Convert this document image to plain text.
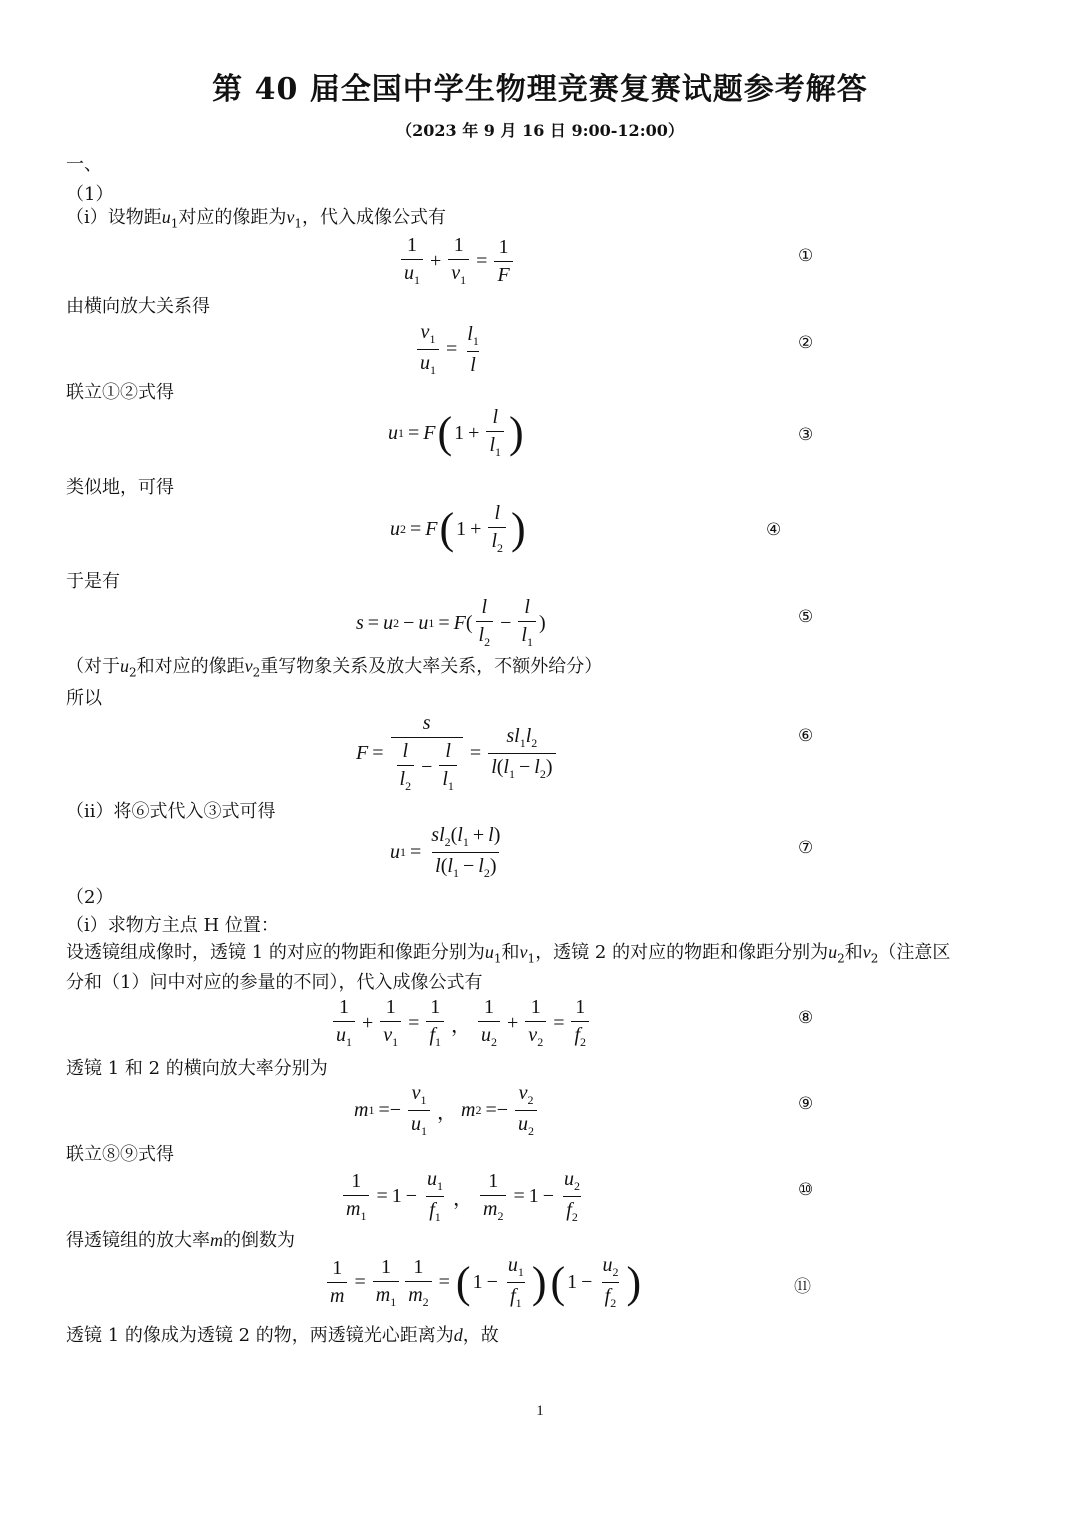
第 40 届全国中学生物理竞赛复赛试题参考解答
（2023 年 9 月 16 日 9:00-12:00）
一、
（1）
（i）设物距$u_1$对应的像距为$v_1$，代入成像公式有
$\frac{1}{u_1} + \frac{1}{v_1} = \frac{1}{F}$	①
由横向放大关系得
$\frac{v_1}{u_1} = \frac{l_1}{l}$	②
联立①②式得
u 1 = F ( $1 + \frac{l}{l_1}$ )	③
类似地，可得
u 2 = F ( $1 + \frac{l}{l_2}$ )	④
于是有
s = u 2 − u 1 = F ( $\frac{l}{l_2} - \frac{l}{l_1}$ )	⑤
（对于$u_2$和对应的像距$v_2$重写物象关系及放大率关系，不额外给分）
所以
$F = \frac{s}{\frac{l}{l_2} - \frac{l}{l_1}} = \frac{sl_1l_2}{l(l_1 - l_2)}$	⑥
（ii）将⑥式代入③式可得
u $1 = \frac{sl_2(l_1 + l)}{l(l_1 - l_2)}$	⑦
（2）
（i）求物方主点 H 位置：
设透镜组成像时，透镜 1 的对应的物距和像距分别为$u_1$和$v_1$，透镜 2 的对应的物距和像距分别为$u_2$和$v_2$（注意区
分和（1）问中对应的参量的不同），代入成像公式有
$\frac{1}{u_1} + \frac{1}{v_1} = \frac{1}{f_1}$ ， $\frac{1}{u_2} + \frac{1}{v_2} = \frac{1}{f_2}$	⑧
透镜 1 和 2 的横向放大率分别为
m $1 =- \frac{v_1}{u_1}$ ， m $2 =- \frac{v_2}{u_2}$	⑨
联立⑧⑨式得
$\frac{1}{m_1} = 1 - \frac{u_1}{f_1}$ ， $\frac{1}{m_2} = 1 - \frac{u_2}{f_2}$	⑩
得透镜组的放大率m的倒数为
$\frac{1}{m} = \frac{1}{m_1} \frac{1}{m_2}$ = ( $1 - \frac{u_1}{f_1}$ ) ( $1 - \frac{u_2}{f_2}$ )	⑪
透镜 1 的像成为透镜 2 的物，两透镜光心距离为d，故
1
